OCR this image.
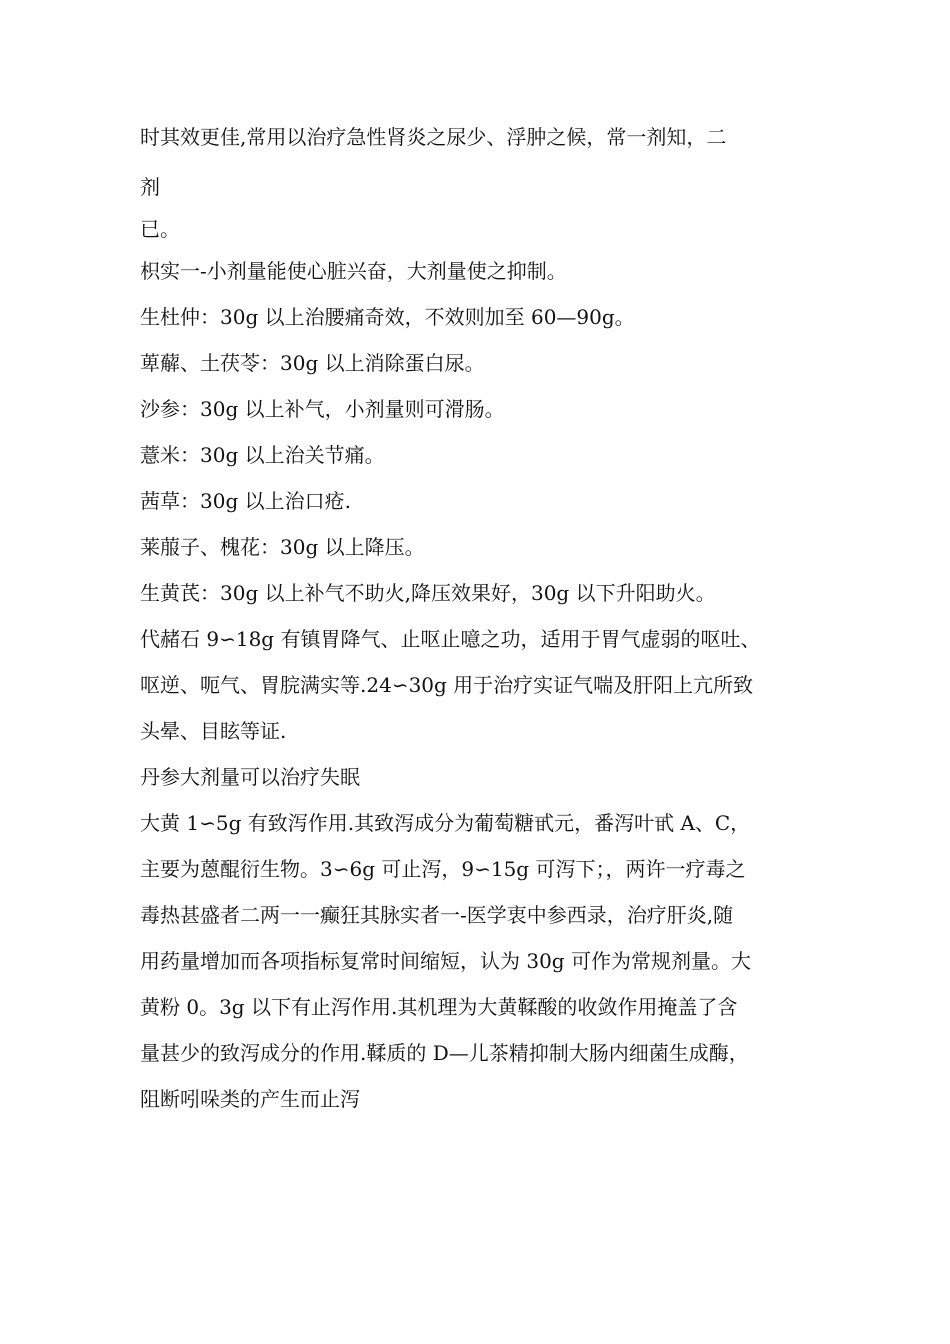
时其效更佳,常用以治疗急性肾炎之尿少、浮肿之候，常一剂知，二
剂
已。
枳实一-小剂量能使心脏兴奋，大剂量使之抑制。
生杜仲：30g 以上治腰痛奇效，不效则加至 60—90g。
萆薢、土茯苓：30g 以上消除蛋白尿。
沙参：30g 以上补气，小剂量则可滑肠。
薏米：30g 以上治关节痛。
茜草：30g 以上治口疮.
莱菔子、槐花：30g 以上降压。
生黄芪：30g 以上补气不助火,降压效果好，30g 以下升阳助火。
代赭石 9∽18g 有镇胃降气、止呕止噫之功，适用于胃气虚弱的呕吐、
呕逆、呃气、胃脘满实等.24∽30g 用于治疗实证气喘及肝阳上亢所致
头晕、目眩等证.
丹参大剂量可以治疗失眠
大黄 1∽5g 有致泻作用.其致泻成分为葡萄糖甙元，番泻叶甙 A、C，
主要为蒽醌衍生物。3∽6g 可止泻，9∽15g 可泻下；，两许一疗毒之
毒热甚盛者二两一一癫狂其脉实者一-医学衷中参西录，治疗肝炎,随
用药量增加而各项指标复常时间缩短，认为 30g 可作为常规剂量。大
黄粉 0。3g 以下有止泻作用.其机理为大黄鞣酸的收敛作用掩盖了含
量甚少的致泻成分的作用.鞣质的 D—儿茶精抑制大肠内细菌生成酶，
阻断吲哚类的产生而止泻
